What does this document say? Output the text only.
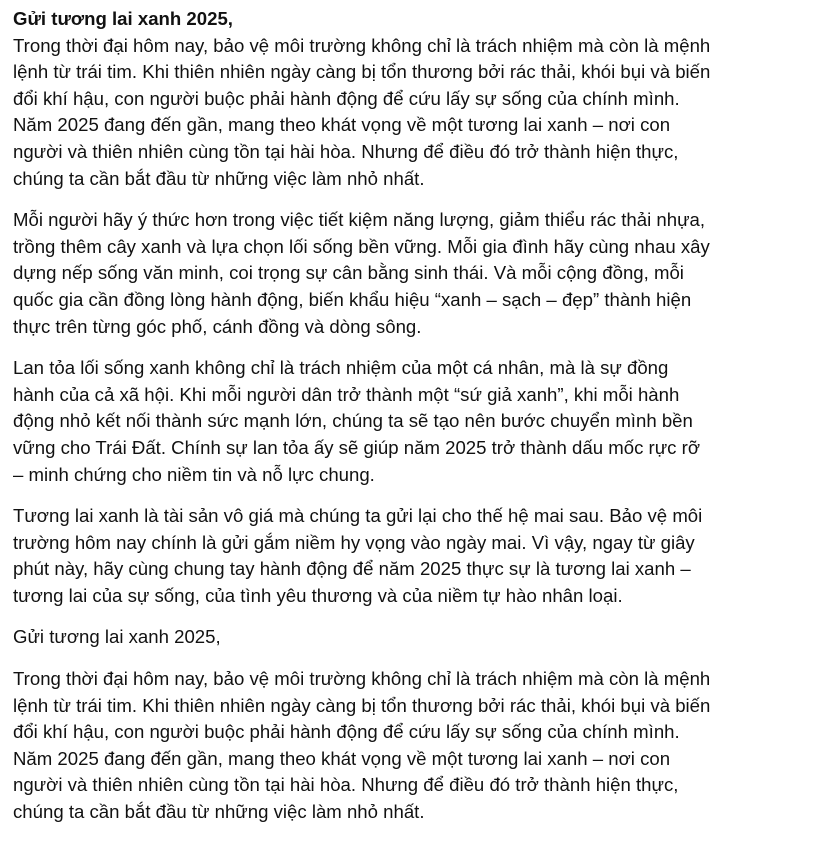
Gửi tương lai xanh 2025,

Trong thời đại hôm nay, bảo vệ môi trường không chỉ là trách nhiệm mà còn là mệnh
lệnh từ trái tim. Khi thiên nhiên ngày càng bị tổn thương bởi rác thải, khói bụi và biến
đổi khí hậu, con người buộc phải hành động để cứu lấy sự sống của chính mình.
Năm 2025 đang đến gần, mang theo khát vọng về một tương lai xanh – nơi con
người và thiên nhiên cùng tồn tại hài hòa. Nhưng để điều đó trở thành hiện thực,
chúng ta cần bắt đầu từ những việc làm nhỏ nhất.

Mỗi người hãy ý thức hơn trong việc tiết kiệm năng lượng, giảm thiểu rác thải nhựa,
trồng thêm cây xanh và lựa chọn lối sống bền vững. Mỗi gia đình hãy cùng nhau xây
dựng nếp sống văn minh, coi trọng sự cân bằng sinh thái. Và mỗi cộng đồng, mỗi
quốc gia cần đồng lòng hành động, biến khẩu hiệu “xanh – sạch – đẹp” thành hiện
thực trên từng góc phố, cánh đồng và dòng sông.

Lan tỏa lối sống xanh không chỉ là trách nhiệm của một cá nhân, mà là sự đồng
hành của cả xã hội. Khi mỗi người dân trở thành một “sứ giả xanh”, khi mỗi hành
động nhỏ kết nối thành sức mạnh lớn, chúng ta sẽ tạo nên bước chuyển mình bền
vững cho Trái Đất. Chính sự lan tỏa ấy sẽ giúp năm 2025 trở thành dấu mốc rực rỡ
– minh chứng cho niềm tin và nỗ lực chung.

Tương lai xanh là tài sản vô giá mà chúng ta gửi lại cho thế hệ mai sau. Bảo vệ môi
trường hôm nay chính là gửi gắm niềm hy vọng vào ngày mai. Vì vậy, ngay từ giây
phút này, hãy cùng chung tay hành động để năm 2025 thực sự là tương lai xanh –
tương lai của sự sống, của tình yêu thương và của niềm tự hào nhân loại.

Gửi tương lai xanh 2025,

Trong thời đại hôm nay, bảo vệ môi trường không chỉ là trách nhiệm mà còn là mệnh
lệnh từ trái tim. Khi thiên nhiên ngày càng bị tổn thương bởi rác thải, khói bụi và biến
đổi khí hậu, con người buộc phải hành động để cứu lấy sự sống của chính mình.
Năm 2025 đang đến gần, mang theo khát vọng về một tương lai xanh – nơi con
người và thiên nhiên cùng tồn tại hài hòa. Nhưng để điều đó trở thành hiện thực,
chúng ta cần bắt đầu từ những việc làm nhỏ nhất.
